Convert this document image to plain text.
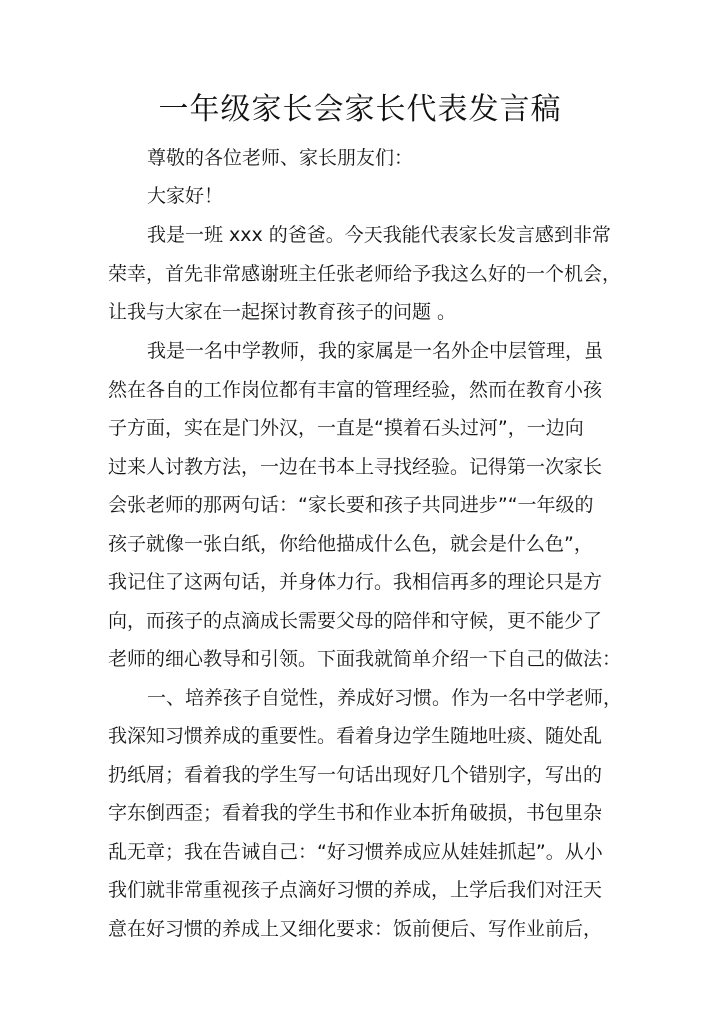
一年级家长会家长代表发言稿
尊敬的各位老师、家长朋友们：
大家好！
我是一班 xxx 的爸爸。今天我能代表家长发言感到非常
荣幸，首先非常感谢班主任张老师给予我这么好的一个机会，
让我与大家在一起探讨教育孩子的问题 。
我是一名中学教师，我的家属是一名外企中层管理，虽
然在各自的工作岗位都有丰富的管理经验，然而在教育小孩
子方面，实在是门外汉，一直是“摸着石头过河”，一边向
过来人讨教方法，一边在书本上寻找经验。记得第一次家长
会张老师的那两句话：“家长要和孩子共同进步”“一年级的
孩子就像一张白纸，你给他描成什么色，就会是什么色”，
我记住了这两句话，并身体力行。我相信再多的理论只是方
向，而孩子的点滴成长需要父母的陪伴和守候，更不能少了
老师的细心教导和引领。下面我就简单介绍一下自己的做法：
一、培养孩子自觉性，养成好习惯。作为一名中学老师，
我深知习惯养成的重要性。看着身边学生随地吐痰、随处乱
扔纸屑；看着我的学生写一句话出现好几个错别字，写出的
字东倒西歪；看着我的学生书和作业本折角破损，书包里杂
乱无章；我在告诫自己：“好习惯养成应从娃娃抓起”。从小
我们就非常重视孩子点滴好习惯的养成，上学后我们对汪天
意在好习惯的养成上又细化要求：饭前便后、写作业前后，
